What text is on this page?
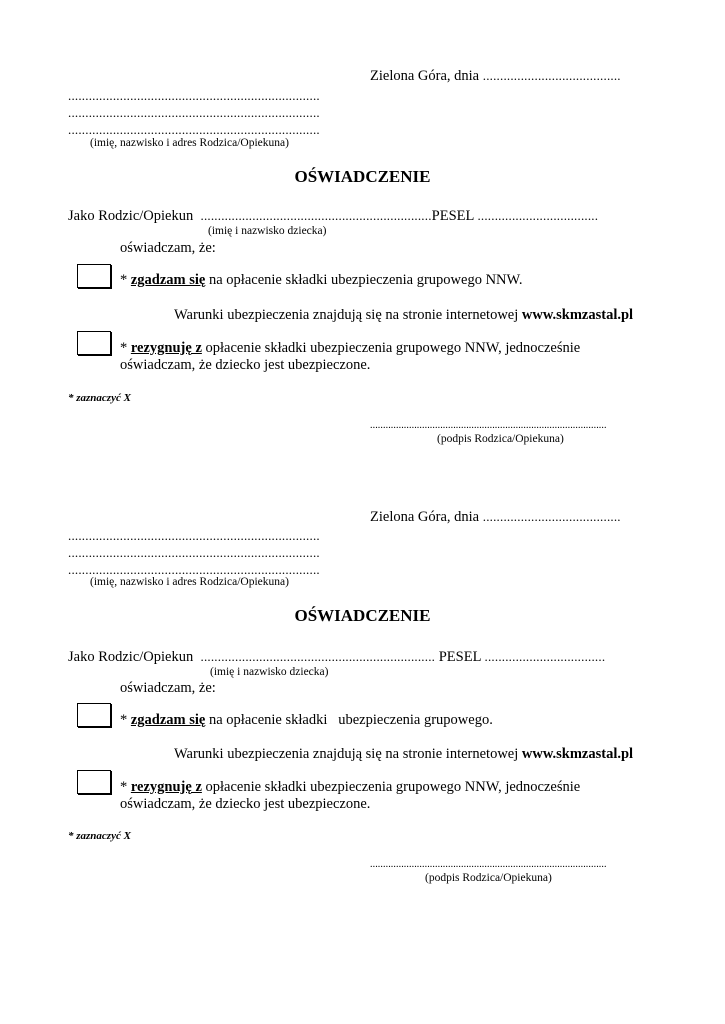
Zielona Góra, dnia ........................................
.........................................................................
.........................................................................
.........................................................................
(imię, nazwisko i adres Rodzica/Opiekuna)
OŚWIADCZENIE
Jako Rodzic/Opiekun ...................................................................PESEL ...................................
(imię i nazwisko dziecka)
oświadczam, że:
* zgadzam się na opłacenie składki ubezpieczenia grupowego NNW.
Warunki ubezpieczenia znajdują się na stronie internetowej www.skmzastal.pl
* rezygnuję z opłacenie składki ubezpieczenia grupowego NNW, jednocześnie
oświadczam, że dziecko jest ubezpieczone.
* zaznaczyć X
...........................................................................................
(podpis Rodzica/Opiekuna)
Zielona Góra, dnia ........................................
.........................................................................
.........................................................................
.........................................................................
(imię, nazwisko i adres Rodzica/Opiekuna)
OŚWIADCZENIE
Jako Rodzic/Opiekun .................................................................... PESEL ...................................
(imię i nazwisko dziecka)
oświadczam, że:
* zgadzam się na opłacenie składki   ubezpieczenia grupowego.
Warunki ubezpieczenia znajdują się na stronie internetowej www.skmzastal.pl
* rezygnuję z opłacenie składki ubezpieczenia grupowego NNW, jednocześnie
oświadczam, że dziecko jest ubezpieczone.
* zaznaczyć X
...........................................................................................
(podpis Rodzica/Opiekuna)
